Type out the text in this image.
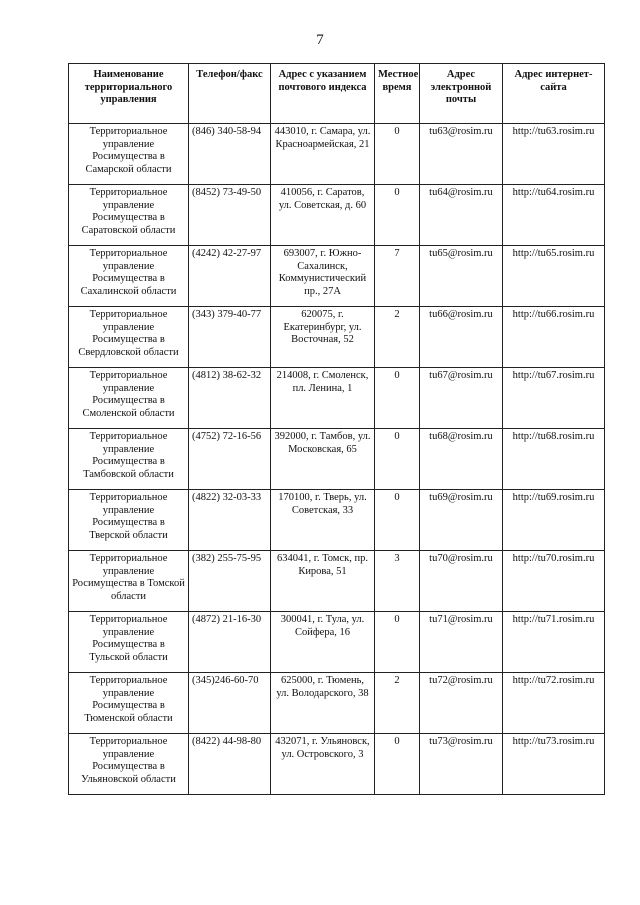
7
Наименование территориального управления	Телефон/факс	Адрес с указанием почтового индекса	Местное время	Адрес электронной почты	Адрес интернет-сайта
Территориальное управление Росимущества в Самарской области	(846) 340-58-94	443010, г. Самара, ул. Красноармейская, 21	0	tu63@rosim.ru	http://tu63.rosim.ru
Территориальное управление Росимущества в Саратовской области	(8452) 73-49-50	410056, г. Саратов, ул. Советская, д. 60	0	tu64@rosim.ru	http://tu64.rosim.ru
Территориальное управление Росимущества в Сахалинской области	(4242) 42-27-97	693007, г. Южно-Сахалинск, Коммунистический пр., 27А	7	tu65@rosim.ru	http://tu65.rosim.ru
Территориальное управление Росимущества в Свердловской области	(343) 379-40-77	620075, г. Екатеринбург, ул. Восточная, 52	2	tu66@rosim.ru	http://tu66.rosim.ru
Территориальное управление Росимущества в Смоленской области	(4812) 38-62-32	214008, г. Смоленск, пл. Ленина, 1	0	tu67@rosim.ru	http://tu67.rosim.ru
Территориальное управление Росимущества в Тамбовской области	(4752) 72-16-56	392000, г. Тамбов, ул. Московская, 65	0	tu68@rosim.ru	http://tu68.rosim.ru
Территориальное управление Росимущества в Тверской области	(4822) 32-03-33	170100, г. Тверь, ул. Советская, 33	0	tu69@rosim.ru	http://tu69.rosim.ru
Территориальное управление Росимущества в Томской области	(382) 255-75-95	634041, г. Томск, пр. Кирова, 51	3	tu70@rosim.ru	http://tu70.rosim.ru
Территориальное управление Росимущества в Тульской области	(4872) 21-16-30	300041, г. Тула, ул. Сойфера, 16	0	tu71@rosim.ru	http://tu71.rosim.ru
Территориальное управление Росимущества в Тюменской области	(345)246-60-70	625000, г. Тюмень, ул. Володарского, 38	2	tu72@rosim.ru	http://tu72.rosim.ru
Территориальное управление Росимущества в Ульяновской области	(8422) 44-98-80	432071, г. Ульяновск, ул. Островского, 3	0	tu73@rosim.ru	http://tu73.rosim.ru
